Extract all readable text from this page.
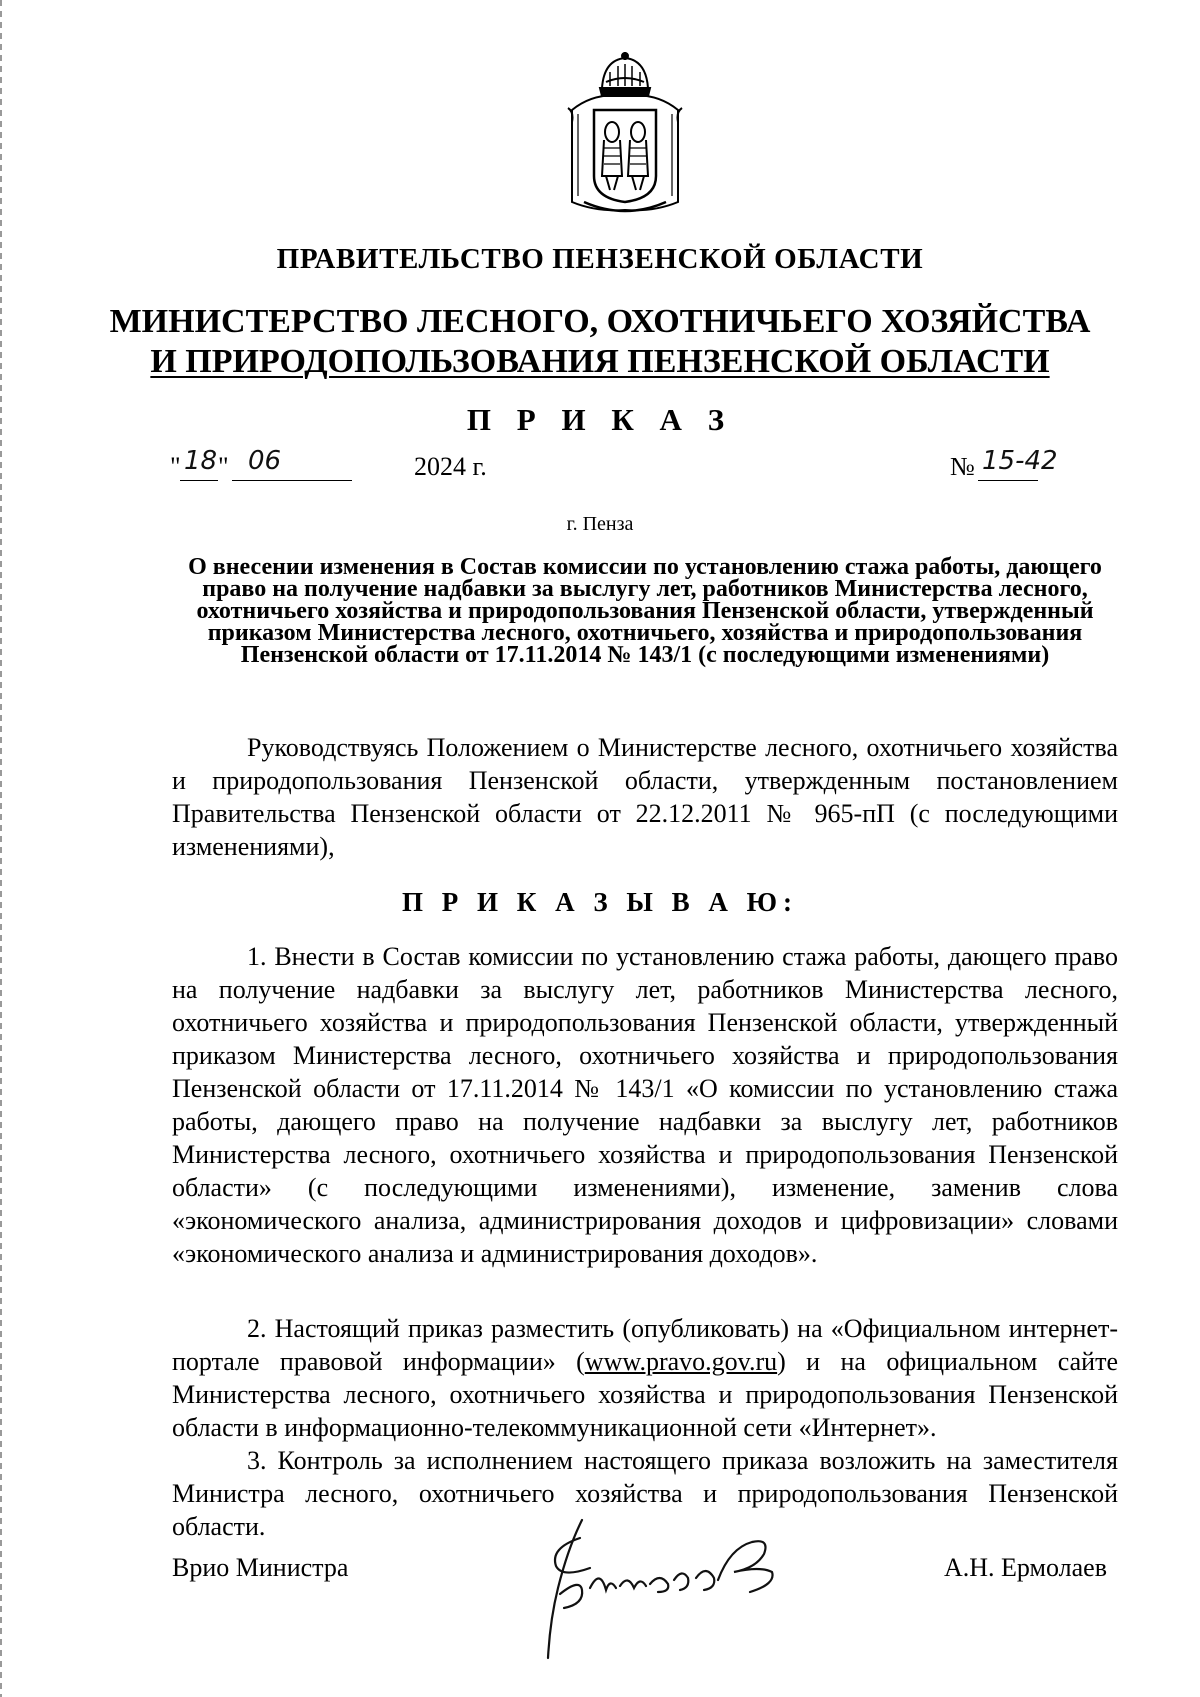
ПРАВИТЕЛЬСТВО ПЕНЗЕНСКОЙ ОБЛАСТИ
МИНИСТЕРСТВО ЛЕСНОГО, ОХОТНИЧЬЕГО ХОЗЯЙСТВА
И ПРИРОДОПОЛЬЗОВАНИЯ ПЕНЗЕНСКОЙ ОБЛАСТИ
П Р И К А З
" 18 " 06	2024 г.	№ 15-42
г. Пенза
О внесении изменения в Состав комиссии по установлению стажа работы, дающего право на получение надбавки за выслугу лет, работников Министерства лесного, охотничьего хозяйства и природопользования Пензенской области, утвержденный приказом Министерства лесного, охотничьего, хозяйства и природопользования Пензенской области от 17.11.2014 № 143/1 (с последующими изменениями)
Руководствуясь Положением о Министерстве лесного, охотничьего хозяйства и природопользования Пензенской области, утвержденным постановлением Правительства Пензенской области от 22.12.2011 № 965-пП (с последующими изменениями),
П Р И К А З Ы В А Ю:
1. Внести в Состав комиссии по установлению стажа работы, дающего право на получение надбавки за выслугу лет, работников Министерства лесного, охотничьего хозяйства и природопользования Пензенской области, утвержденный приказом Министерства лесного, охотничьего хозяйства и природопользования Пензенской области от 17.11.2014 № 143/1 «О комиссии по установлению стажа работы, дающего право на получение надбавки за выслугу лет, работников Министерства лесного, охотничьего хозяйства и природопользования Пензенской области» (с последующими изменениями), изменение, заменив слова «экономического анализа, администрирования доходов и цифровизации» словами «экономического анализа и администрирования доходов».
2. Настоящий приказ разместить (опубликовать) на «Официальном интернет-портале правовой информации» (www.pravo.gov.ru) и на официальном сайте Министерства лесного, охотничьего хозяйства и природопользования Пензенской области в информационно-телекоммуникационной сети «Интернет».
3. Контроль за исполнением настоящего приказа возложить на заместителя Министра лесного, охотничьего хозяйства и природопользования Пензенской области.
Врио Министра	А.Н. Ермолаев
